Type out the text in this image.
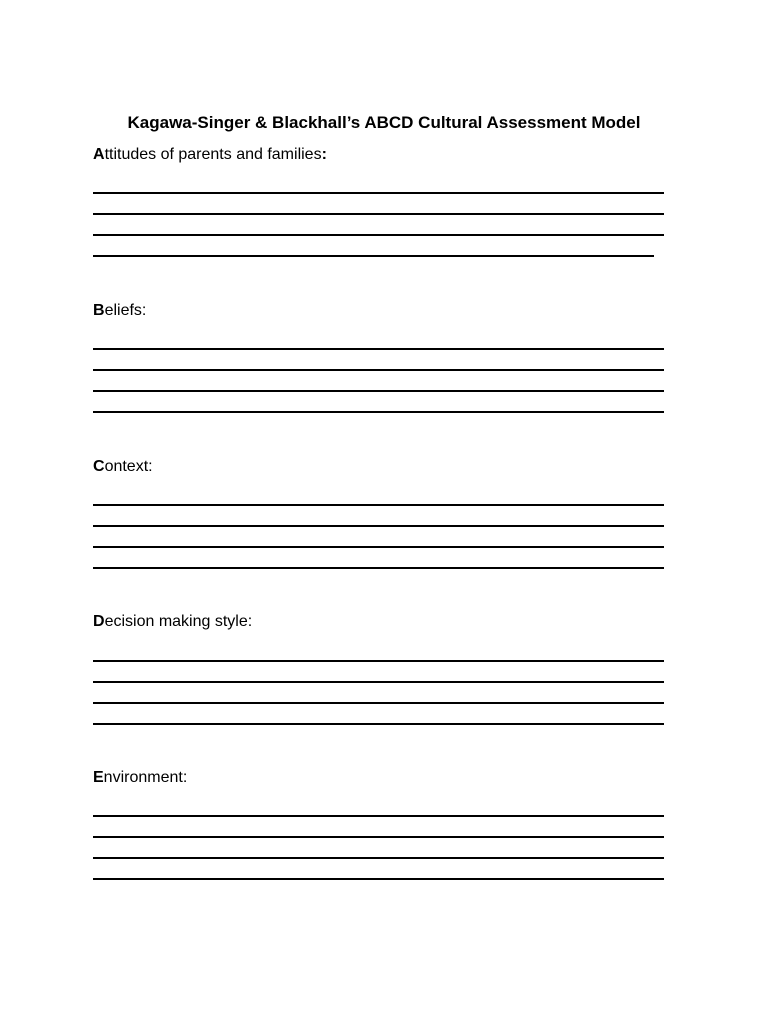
Kagawa-Singer & Blackhall’s ABCD Cultural Assessment Model
Attitudes of parents and families:
Beliefs:
Context:
Decision making style:
Environment:
